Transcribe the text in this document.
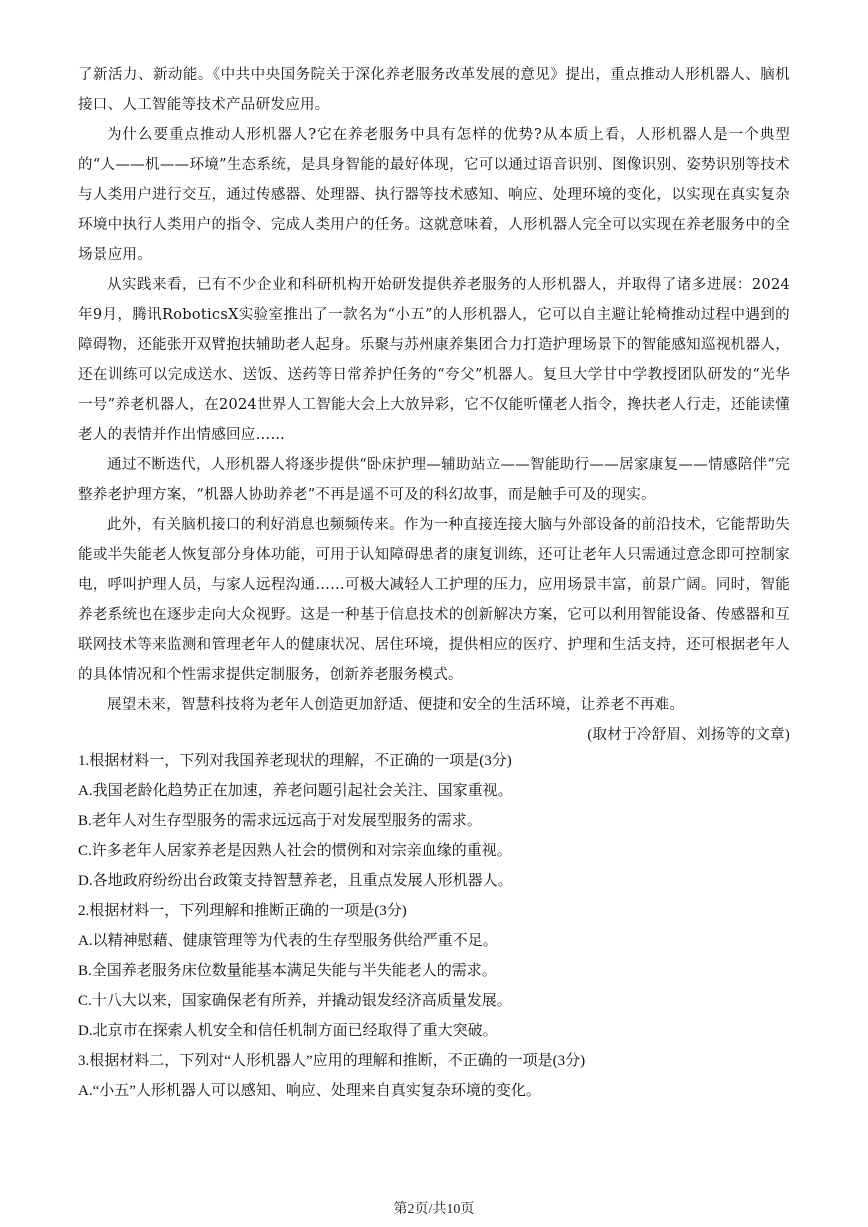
了新活力、新动能。《中共中央国务院关于深化养老服务改革发展的意见》提出，重点推动人形机器人、脑机接口、人工智能等技术产品研发应用。

为什么要重点推动人形机器人?它在养老服务中具有怎样的优势?从本质上看，人形机器人是一个典型的“人——机——环境”生态系统，是具身智能的最好体现，它可以通过语音识别、图像识别、姿势识别等技术与人类用户进行交互，通过传感器、处理器、执行器等技术感知、响应、处理环境的变化，以实现在真实复杂环境中执行人类用户的指令、完成人类用户的任务。这就意味着，人形机器人完全可以实现在养老服务中的全场景应用。

从实践来看，已有不少企业和科研机构开始研发提供养老服务的人形机器人，并取得了诸多进展：2024年9月，腾讯RoboticsX实验室推出了一款名为“小五”的人形机器人，它可以自主避让轮椅推动过程中遇到的障碍物，还能张开双臂抱扶辅助老人起身。乐聚与苏州康养集团合力打造护理场景下的智能感知巡视机器人，还在训练可以完成送水、送饭、送药等日常养护任务的“夸父”机器人。复旦大学甘中学教授团队研发的“光华一号”养老机器人，在2024世界人工智能大会上大放异彩，它不仅能听懂老人指令，搀扶老人行走，还能读懂老人的表情并作出情感回应……

通过不断迭代，人形机器人将逐步提供“卧床护理—辅助站立——智能助行——居家康复——情感陪伴”完整养老护理方案，“机器人协助养老”不再是遥不可及的科幻故事，而是触手可及的现实。

此外，有关脑机接口的利好消息也频频传来。作为一种直接连接大脑与外部设备的前沿技术，它能帮助失能或半失能老人恢复部分身体功能，可用于认知障碍患者的康复训练，还可让老年人只需通过意念即可控制家电，呼叫护理人员，与家人远程沟通……可极大减轻人工护理的压力，应用场景丰富，前景广阔。同时，智能养老系统也在逐步走向大众视野。这是一种基于信息技术的创新解决方案，它可以利用智能设备、传感器和互联网技术等来监测和管理老年人的健康状况、居住环境，提供相应的医疗、护理和生活支持，还可根据老年人的具体情况和个性需求提供定制服务，创新养老服务模式。

展望未来，智慧科技将为老年人创造更加舒适、便捷和安全的生活环境，让养老不再难。

(取材于冷舒眉、刘扬等的文章)

1.根据材料一，下列对我国养老现状的理解，不正确的一项是(3分)

A.我国老龄化趋势正在加速，养老问题引起社会关注、国家重视。

B.老年人对生存型服务的需求远远高于对发展型服务的需求。

C.许多老年人居家养老是因熟人社会的惯例和对宗亲血缘的重视。

D.各地政府纷纷出台政策支持智慧养老，且重点发展人形机器人。

2.根据材料一，下列理解和推断正确的一项是(3分)

A.以精神慰藉、健康管理等为代表的生存型服务供给严重不足。

B.全国养老服务床位数量能基本满足失能与半失能老人的需求。

C.十八大以来，国家确保老有所养，并撬动银发经济高质量发展。

D.北京市在探索人机安全和信任机制方面已经取得了重大突破。

3.根据材料二，下列对“人形机器人”应用的理解和推断，不正确的一项是(3分)

A.“小五”人形机器人可以感知、响应、处理来自真实复杂环境的变化。

第2页/共10页
